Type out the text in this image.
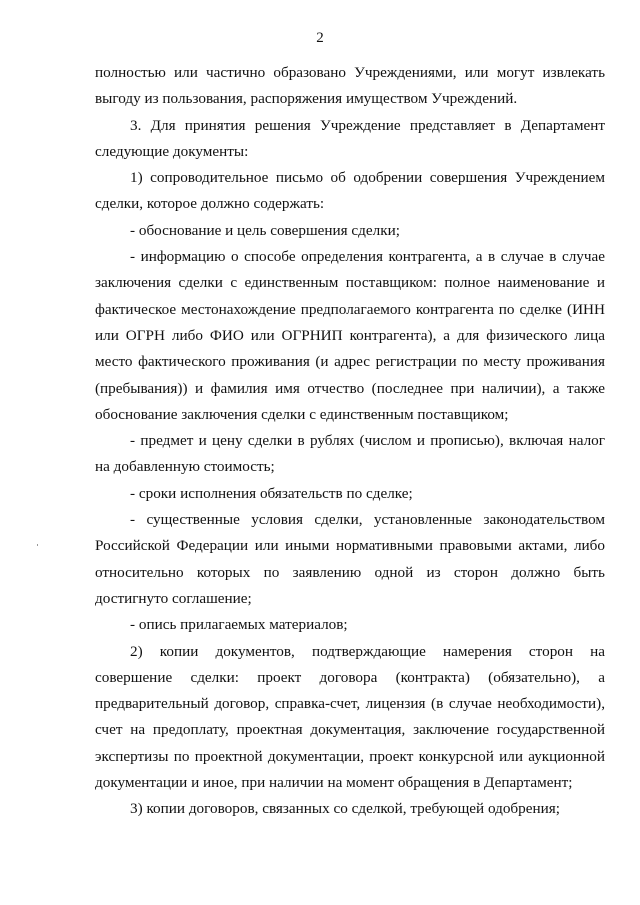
2

полностью или частично образовано Учреждениями, или могут извлекать выгоду из пользования, распоряжения имуществом Учреждений.

3. Для принятия решения Учреждение представляет в Департамент следующие документы:

1) сопроводительное письмо об одобрении совершения Учреждением сделки, которое должно содержать:

- обоснование и цель совершения сделки;

- информацию о способе определения контрагента, а в случае в случае заключения сделки с единственным поставщиком: полное наименование и фактическое местонахождение предполагаемого контрагента по сделке (ИНН или ОГРН либо ФИО или ОГРНИП контрагента), а для физического лица место фактического проживания (и адрес регистрации по месту проживания (пребывания)) и фамилия имя отчество (последнее при наличии), а также обоснование заключения сделки с единственным поставщиком;

- предмет и цену сделки в рублях (числом и прописью), включая налог на добавленную стоимость;

- сроки исполнения обязательств по сделке;

- существенные условия сделки, установленные законодательством Российской Федерации или иными нормативными правовыми актами, либо относительно которых по заявлению одной из сторон должно быть достигнуто соглашение;

- опись прилагаемых материалов;

2) копии документов, подтверждающие намерения сторон на совершение сделки: проект договора (контракта) (обязательно), а предварительный договор, справка-счет, лицензия (в случае необходимости), счет на предоплату, проектная документация, заключение государственной экспертизы по проектной документации, проект конкурсной или аукционной документации и иное, при наличии на момент обращения в Департамент;

3) копии договоров, связанных со сделкой, требующей одобрения;
